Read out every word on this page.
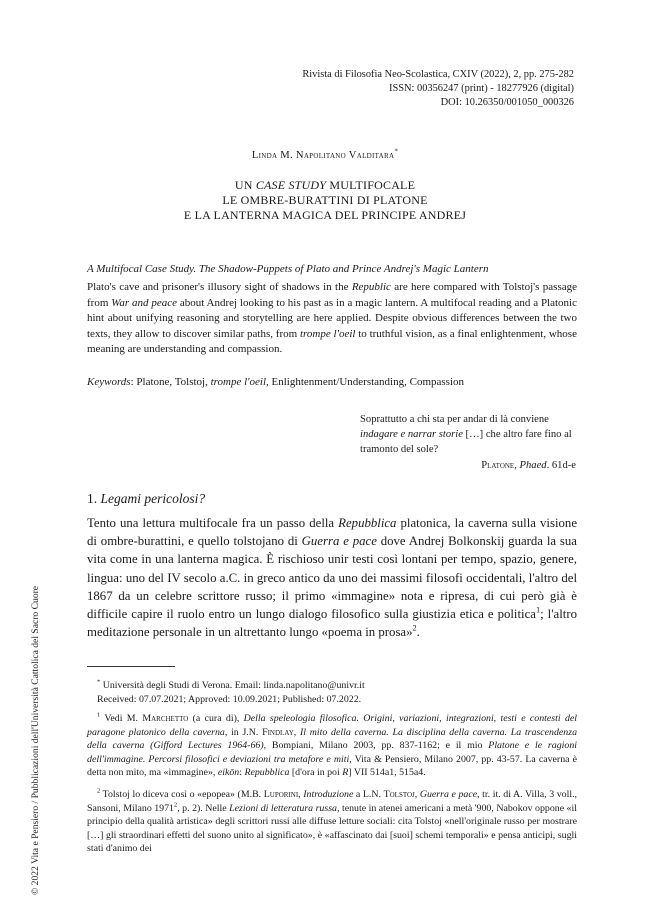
© 2022 Vita e Pensiero / Pubblicazioni dell'Università Cattolica del Sacro Cuore
Rivista di Filosofia Neo-Scolastica, CXIV (2022), 2, pp. 275-282
ISSN: 00356247 (print) - 18277926 (digital)
DOI: 10.26350/001050_000326
Linda M. Napolitano Valditara*
UN CASE STUDY MULTIFOCALE
LE OMBRE-BURATTINI DI PLATONE
E LA LANTERNA MAGICA DEL PRINCIPE ANDREJ
A Multifocal Case Study. The Shadow-Puppets of Plato and Prince Andrej's Magic Lantern

Plato's cave and prisoner's illusory sight of shadows in the Republic are here compared with Tolstoj's passage from War and peace about Andrej looking to his past as in a magic lantern. A multifocal reading and a Platonic hint about unifying reasoning and storytelling are here applied. Despite obvious differences between the two texts, they allow to discover similar paths, from trompe l'oeil to truthful vision, as a final enlightenment, whose meaning are understanding and compassion.

Keywords: Platone, Tolstoj, trompe l'oeil, Enlightenment/Understanding, Compassion

Soprattutto a chi sta per andar di là conviene indagare e narrar storie […] che altro fare fino al tramonto del sole?

Platone, Phaed. 61d-e

1. Legami pericolosi?

Tento una lettura multifocale fra un passo della Repubblica platonica, la caverna sulla visione di ombre-burattini, e quello tolstojano di Guerra e pace dove Andrej Bolkonskij guarda la sua vita come in una lanterna magica. È rischioso unir testi così lontani per tempo, spazio, genere, lingua: uno del IV secolo a.C. in greco antico da uno dei massimi filosofi occidentali, l'altro del 1867 da un celebre scrittore russo; il primo «immagine» nota e ripresa, di cui però già è difficile capire il ruolo entro un lungo dialogo filosofico sulla giustizia etica e politica$^1$; l'altro meditazione personale in un altrettanto lungo «poema in prosa»$^2$.

* Università degli Studi di Verona. Email: linda.napolitano@univr.it
Received: 07.07.2021; Approved: 10.09.2021; Published: 07.2022.

$^1$ Vedi M. Marchetto (a cura di), Della speleologia filosofica. Origini, variazioni, integrazioni, testi e contesti del paragone platonico della caverna, in J.N. Findlay, Il mito della caverna. La disciplina della caverna. La trascendenza della caverna (Gifford Lectures 1964-66), Bompiani, Milano 2003, pp. 837-1162; e il mio Platone e le ragioni dell'immagine. Percorsi filosofici e deviazioni tra metafore e miti, Vita & Pensiero, Milano 2007, pp. 43-57. La caverna è detta non mito, ma «immagine», eikōn: Repubblica [d'ora in poi R] VII 514a1, 515a4.

$^2$ Tolstoj lo diceva così o «epopea» (M.B. Luporini, Introduzione a L.N. Tolstoj, Guerra e pace, tr. it. di A. Villa, 3 voll., Sansoni, Milano 1971$^2$, p. 2). Nelle Lezioni di letteratura russa, tenute in atenei americani a metà '900, Nabokov oppone «il principio della qualità artistica» degli scrittori russi alle diffuse letture sociali: cita Tolstoj «nell'originale russo per mostrare […] gli straordinari effetti del suono unito al significato», è «affascinato dai [suoi] schemi temporali» e pensa anticipi, sugli stati d'animo dei
